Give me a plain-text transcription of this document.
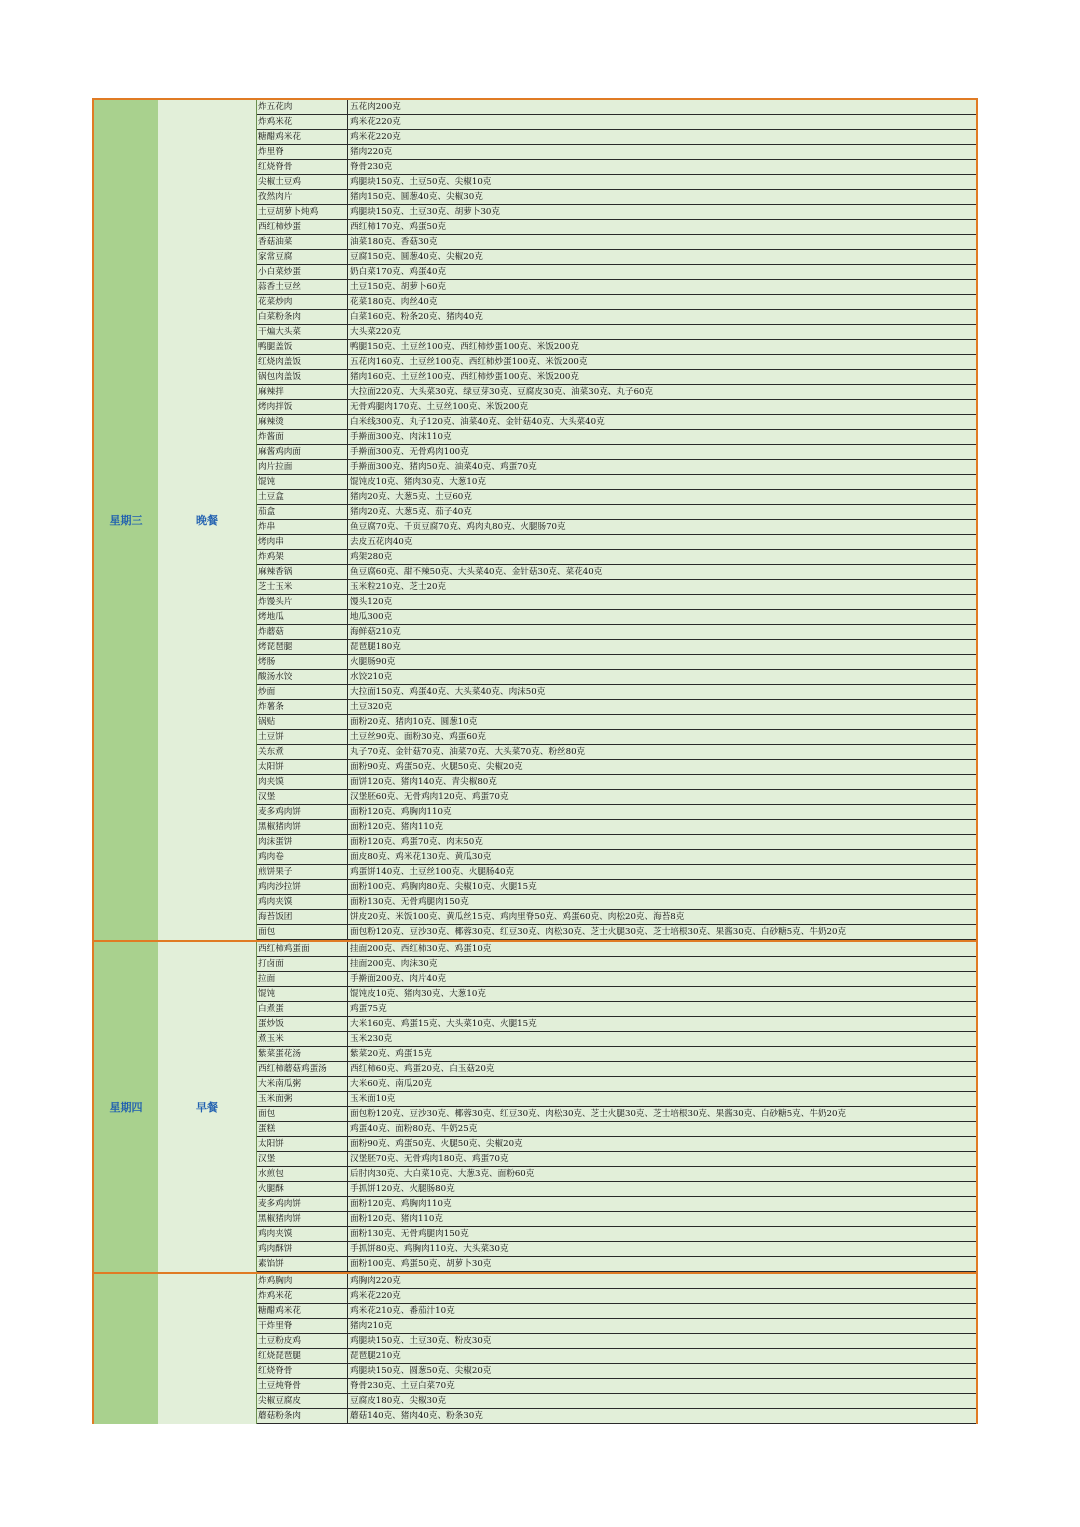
星期三	晚餐
炸五花肉	五花肉200克
炸鸡米花	鸡米花220克
糖醋鸡米花	鸡米花220克
炸里脊	猪肉220克
红烧脊骨	脊骨230克
尖椒土豆鸡	鸡腿块150克、土豆50克、尖椒10克
孜然肉片	猪肉150克、圆葱40克、尖椒30克
土豆胡萝卜炖鸡	鸡腿块150克、土豆30克、胡萝卜30克
西红柿炒蛋	西红柿170克、鸡蛋50克
香菇油菜	油菜180克、香菇30克
家常豆腐	豆腐150克、圆葱40克、尖椒20克
小白菜炒蛋	奶白菜170克、鸡蛋40克
蒜香土豆丝	土豆150克、胡萝卜60克
花菜炒肉	花菜180克、肉丝40克
白菜粉条肉	白菜160克、粉条20克、猪肉40克
干煸大头菜	大头菜220克
鸭腿盖饭	鸭腿150克、土豆丝100克、西红柿炒蛋100克、米饭200克
红烧肉盖饭	五花肉160克、土豆丝100克、西红柿炒蛋100克、米饭200克
锅包肉盖饭	猪肉160克、土豆丝100克、西红柿炒蛋100克、米饭200克
麻辣拌	大拉面220克、大头菜30克、绿豆芽30克、豆腐皮30克、油菜30克、丸子60克
烤肉拌饭	无骨鸡腿肉170克、土豆丝100克、米饭200克
麻辣烫	白米线300克、丸子120克、油菜40克、金针菇40克、大头菜40克
炸酱面	手擀面300克、肉沫110克
麻酱鸡肉面	手擀面300克、无骨鸡肉100克
肉片拉面	手擀面300克、猪肉50克、油菜40克、鸡蛋70克
馄饨	馄饨皮10克、猪肉30克、大葱10克
土豆盒	猪肉20克、大葱5克、土豆60克
茄盒	猪肉20克、大葱5克、茄子40克
炸串	鱼豆腐70克、千页豆腐70克、鸡肉丸80克、火腿肠70克
烤肉串	去皮五花肉40克
炸鸡架	鸡架280克
麻辣香锅	鱼豆腐60克、甜不辣50克、大头菜40克、金针菇30克、菜花40克
芝士玉米	玉米粒210克、芝士20克
炸馒头片	馒头120克
烤地瓜	地瓜300克
炸蘑菇	海鲜菇210克
烤琵琶腿	琵琶腿180克
烤肠	火腿肠90克
酸汤水饺	水饺210克
炒面	大拉面150克、鸡蛋40克、大头菜40克、肉沫50克
炸薯条	土豆320克
锅贴	面粉20克、猪肉10克、圆葱10克
土豆饼	土豆丝90克、面粉30克、鸡蛋60克
关东煮	丸子70克、金针菇70克、油菜70克、大头菜70克、粉丝80克
太阳饼	面粉90克、鸡蛋50克、火腿50克、尖椒20克
肉夹馍	面饼120克、猪肉140克、青尖椒80克
汉堡	汉堡胚60克、无骨鸡肉120克、鸡蛋70克
麦多鸡肉饼	面粉120克、鸡胸肉110克
黑椒猪肉饼	面粉120克、猪肉110克
肉沫蛋饼	面粉120克、鸡蛋70克、肉末50克
鸡肉卷	面皮80克、鸡米花130克、黄瓜30克
煎饼果子	鸡蛋饼140克、土豆丝100克、火腿肠40克
鸡肉沙拉饼	面粉100克、鸡胸肉80克、尖椒10克、火腿15克
鸡肉夹馍	面粉130克、无骨鸡腿肉150克
海苔饭团	饼皮20克、米饭100克、黄瓜丝15克、鸡肉里脊50克、鸡蛋60克、肉松20克、海苔8克
面包	面包粉120克、豆沙30克、椰蓉30克、红豆30克、肉松30克、芝士火腿30克、芝士培根30克、果酱30克、白砂糖5克、牛奶20克
星期四	早餐
西红柿鸡蛋面	挂面200克、西红柿30克、鸡蛋10克
打卤面	挂面200克、肉沫30克
拉面	手擀面200克、肉片40克
馄饨	馄饨皮10克、猪肉30克、大葱10克
白煮蛋	鸡蛋75克
蛋炒饭	大米160克、鸡蛋15克、大头菜10克、火腿15克
煮玉米	玉米230克
紫菜蛋花汤	紫菜20克、鸡蛋15克
西红柿蘑菇鸡蛋汤	西红柿60克、鸡蛋20克、白玉菇20克
大米南瓜粥	大米60克、南瓜20克
玉米面粥	玉米面10克
面包	面包粉120克、豆沙30克、椰蓉30克、红豆30克、肉松30克、芝士火腿30克、芝士培根30克、果酱30克、白砂糖5克、牛奶20克
蛋糕	鸡蛋40克、面粉80克、牛奶25克
太阳饼	面粉90克、鸡蛋50克、火腿50克、尖椒20克
汉堡	汉堡胚70克、无骨鸡肉180克、鸡蛋70克
水煎包	后肘肉30克、大白菜10克、大葱3克、面粉60克
火腿酥	手抓饼120克、火腿肠80克
麦多鸡肉饼	面粉120克、鸡胸肉110克
黑椒猪肉饼	面粉120克、猪肉110克
鸡肉夹馍	面粉130克、无骨鸡腿肉150克
鸡肉酥饼	手抓饼80克、鸡胸肉110克、大头菜30克
素馅饼	面粉100克、鸡蛋50克、胡萝卜30克
炸鸡胸肉	鸡胸肉220克
炸鸡米花	鸡米花220克
糖醋鸡米花	鸡米花210克、番茄汁10克
干炸里脊	猪肉210克
土豆粉皮鸡	鸡腿块150克、土豆30克、粉皮30克
红烧琵琶腿	琵琶腿210克
红烧脊骨	鸡腿块150克、圆葱50克、尖椒20克
土豆炖脊骨	脊骨230克、土豆白菜70克
尖椒豆腐皮	豆腐皮180克、尖椒30克
蘑菇粉条肉	蘑菇140克、猪肉40克、粉条30克
